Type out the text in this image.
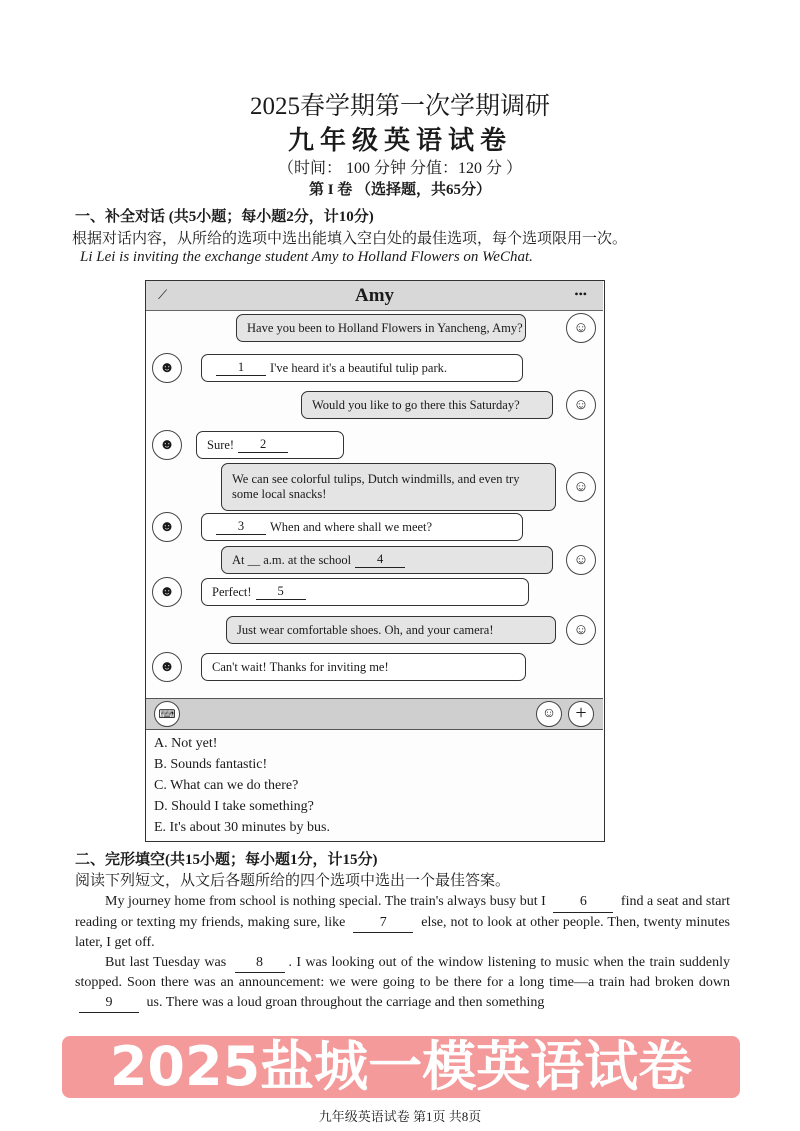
2025春学期第一次学期调研
九年级英语试卷
（时间： 100 分钟 分值：120 分 ）
第 I 卷 （选择题，共65分）
一、补全对话 (共5小题；每小题2分，计10分)
根据对话内容，从所给的选项中选出能填入空白处的最佳选项，每个选项限用一次。
Li Lei is inviting the exchange student Amy to Holland Flowers on WeChat.
⟋	Amy	•••
Have you been to Holland Flowers in Yancheng, Amy?	☺
1	I've heard it's a beautiful tulip park.
☻
Would you like to go there this Saturday?	☺
Sure!	2
☻
We can see colorful tulips, Dutch windmills, and even try some local snacks!	☺
3	When and where shall we meet?
☻
At __ a.m. at the school	4	☺
Perfect!	5
☻
Just wear comfortable shoes. Oh, and your camera!	☺
Can't wait! Thanks for inviting me!
☻
⌨	☺ +
A. Not yet!
B. Sounds fantastic!
C. What can we do there?
D. Should I take something?
E. It's about 30 minutes by bus.
二、完形填空(共15小题；每小题1分，计15分)
阅读下列短文，从文后各题所给的四个选项中选出一个最佳答案。
My journey home from school is nothing special. The train's always busy but I 6 find a seat and start reading or texting my friends, making sure, like 7 else, not to look at other people. Then, twenty minutes later, I get off.
But last Tuesday was 8 . I was looking out of the window listening to music when the train suddenly stopped. Soon there was an announcement: we were going to be there for a long time—a train had broken down 9 us. There was a loud groan throughout the carriage and then something
2025盐城一模英语试卷
九年级英语试卷 第1页 共8页
